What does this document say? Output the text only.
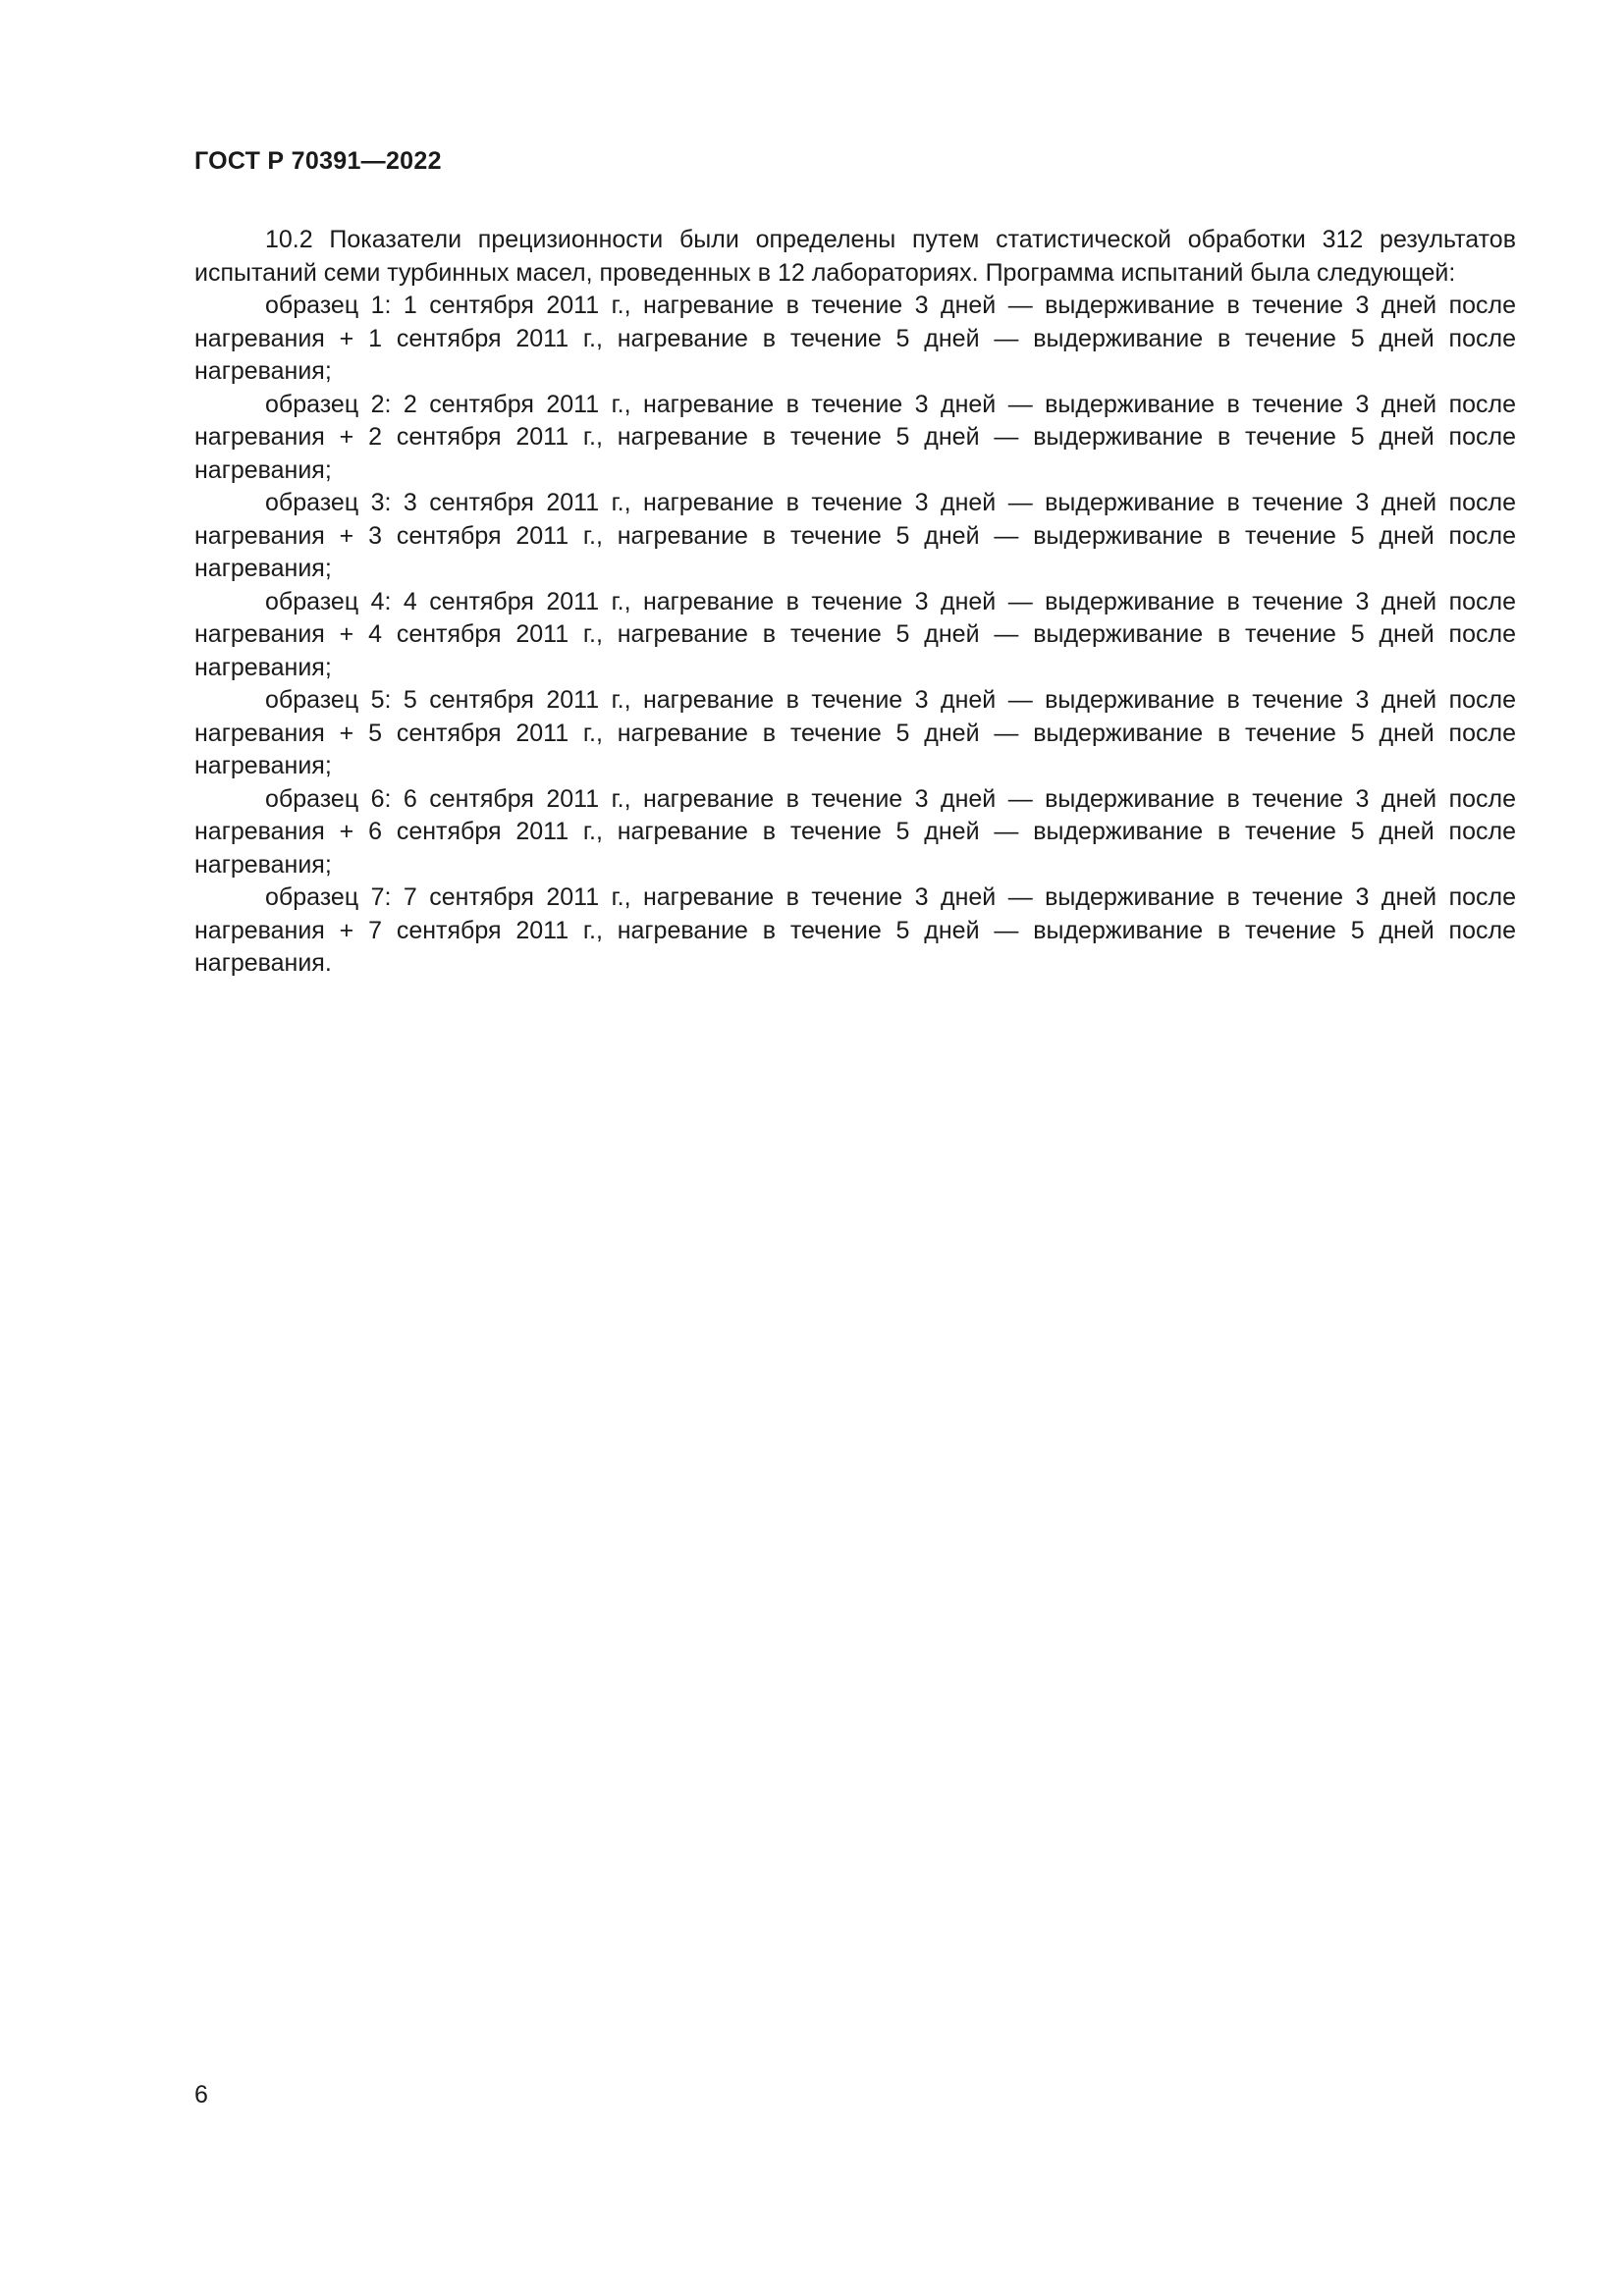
ГОСТ Р 70391—2022

10.2 Показатели прецизионности были определены путем статистической обработки 312 результатов испытаний семи турбинных масел, проведенных в 12 лабораториях. Программа испытаний была следующей:

образец 1: 1 сентября 2011 г., нагревание в течение 3 дней — выдерживание в течение 3 дней после нагревания + 1 сентября 2011 г., нагревание в течение 5 дней — выдерживание в течение 5 дней после нагревания;

образец 2: 2 сентября 2011 г., нагревание в течение 3 дней — выдерживание в течение 3 дней после нагревания + 2 сентября 2011 г., нагревание в течение 5 дней — выдерживание в течение 5 дней после нагревания;

образец 3: 3 сентября 2011 г., нагревание в течение 3 дней — выдерживание в течение 3 дней после нагревания + 3 сентября 2011 г., нагревание в течение 5 дней — выдерживание в течение 5 дней после нагревания;

образец 4: 4 сентября 2011 г., нагревание в течение 3 дней — выдерживание в течение 3 дней после нагревания + 4 сентября 2011 г., нагревание в течение 5 дней — выдерживание в течение 5 дней после нагревания;

образец 5: 5 сентября 2011 г., нагревание в течение 3 дней — выдерживание в течение 3 дней после нагревания + 5 сентября 2011 г., нагревание в течение 5 дней — выдерживание в течение 5 дней после нагревания;

образец 6: 6 сентября 2011 г., нагревание в течение 3 дней — выдерживание в течение 3 дней после нагревания + 6 сентября 2011 г., нагревание в течение 5 дней — выдерживание в течение 5 дней после нагревания;

образец 7: 7 сентября 2011 г., нагревание в течение 3 дней — выдерживание в течение 3 дней после нагревания + 7 сентября 2011 г., нагревание в течение 5 дней — выдерживание в течение 5 дней после нагревания.

6
